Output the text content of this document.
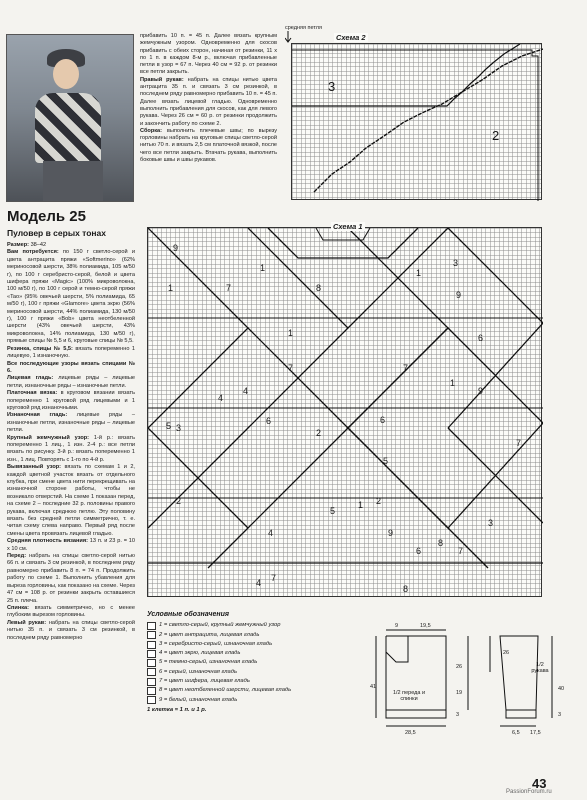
Модель 25
Пуловер в серых тонах

Размер: 38–42

Вам потребуется: по 150 г светло-серой и цвета антрацита пряжи «Softmerino» (62% мериносовой шерсти, 38% полиамида, 105 м/50 г), по 100 г серебристо-серой, белой и цвета шифера пряжи «Magic» (100% микроволокна, 100 м/50 г), по 100 г серой и темно-серой пряжи «Tao» (95% овечьей шерсти, 5% полиамида, 65 м/50 г), 100 г пряжи «Glamore» цвета экрю (56% мериносовой шерсти, 44% полиамида, 130 м/50 г), 100 г пряжи «Bob» цвета неотбеленной шерсти (43% овечьей шерсти, 43% микроволокна, 14% полиамида, 130 м/50 г), прямые спицы № 5,5 и 6, круговые спицы № 5,5.

Резинка, спицы № 5,5: вязать попеременно 1 лицевую, 1 изнаночную.

Все последующие узоры вязать спицами № 6.

Лицевая гладь: лицевые ряды – лицевые петли, изнаночные ряды – изнаночные петли.

Платочная вязка: в круговом вязании вязать попеременно 1 круговой ряд лицевыми и 1 круговой ряд изнаночными.

Изнаночная гладь: лицевые ряды – изнаночные петли, изнаночные ряды – лицевые петли.

Крупный жемчужный узор: 1-й р.: вязать попеременно 1 лиц., 1 изн. 2-4 р.: все петли вязать по рисунку. 3-й р.: вязать попеременно 1 изн., 1 лиц. Повторять с 1-го по 4-й р.

Вывязанный узор: вязать по схемам 1 и 2, каждой цветной участок вязать от отдельного клубка, при смене цвета нити перекрещивать на изнаночной стороне работы, чтобы не возникало отверстий. На схеме 1 показан перед, на схеме 2 – последние 32 р. половины правого рукава, включая среднюю петлю. Эту половину вязать без средней петли симметрично, т. е. читая схему слева направо. Первый ряд после смены цвета провязать лицевой гладью.

Средняя плотность вязания: 13 п. и 23 р. = 10 х 10 см.

Перед: набрать на спицы светло-серой нитью 66 п. и связать 3 см резинкой, в последнем ряду равномерно прибавить 8 п. = 74 п. Продолжить работу по схеме 1. Выполнить убавления для выреза горловины, как показано на схеме. Через 47 см = 108 р. от резинки закрыть оставшиеся 25 п. плеча.

Спинка: вязать симметрично, но с менее глубоким вырезом горловины.

Левый рукав: набрать на спицы светло-серой нитью 35 п. и связать 3 см резинкой, в последнем ряду равномерно

прибавить 10 п. = 45 п. Далее вязать крупным жемчужным узором. Одновременно для скосов прибавить с обеих сторон, начиная от резинки, 11 х по 1 п. в каждом 8-м р., включая прибавленные петли в узор = 67 п. Через 40 см = 92 р. от резинки все петли закрыть.

Правый рукав: набрать на спицы нитью цвета антрацита 35 п. и связать 3 см резинкой, в последнем ряду равномерно прибавить 10 п. = 45 п. Далее вязать лицевой гладью. Одновременно выполнить прибавления для скосов, как для левого рукава. Через 26 см = 60 р. от резинки продолжить и закончить работу по схеме 2.

Сборка: выполнить плечевые швы; по вырезу горловины набрать на круговые спицы светло-серой нитью 70 п. и вязать 2,5 см платочной вязкой, после чего все петли закрыть. Втачать рукава, выполнить боковые швы и швы рукавов.

средняя петля
3
2
Схема 2
9
1	7
1
8
3
1
9
4
1	6
7	7
1
5
4
6
9
3	2
6
7
5
2	1 2
4
8
3
9
6	7
7
5
8
4
Схема 1
Условные обозначения
1 = светло-серый, крупный жемчужный узор
2 = цвет антрацита, лицевая гладь
3 = серебристо-серый, изнаночная гладь
4 = цвет экрю, лицевая гладь
5 = темно-серый, изнаночная гладь
6 = серый, изнаночная гладь
7 = цвет шифера, лицевая гладь
8 = цвет неотбеленной шерсти, лицевая гладь
9 = белый, изнаночная гладь
1 клетка = 1 п. и 1 р.
9	19,5
26
41
19
3
28,5
1/2 переда и спинки
26
1/2 рукава
40
3
6,5 17,5
43
PassionForum.ru
